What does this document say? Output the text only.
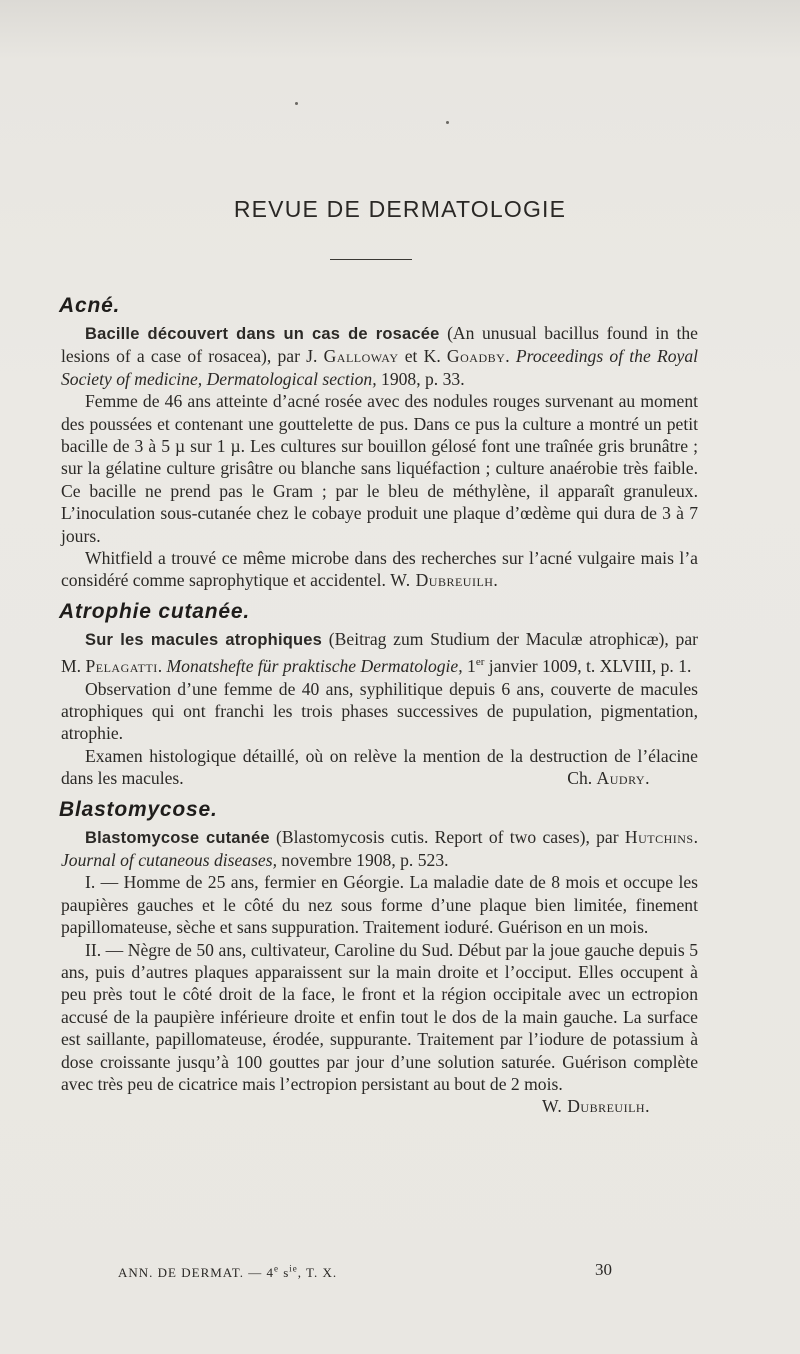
REVUE DE DERMATOLOGIE
Acné.

Bacille découvert dans un cas de rosacée (An unusual bacillus found in the lesions of a case of rosacea), par J. Galloway et K. Goadby. Proceedings of the Royal Society of medicine, Dermatological section, 1908, p. 33.

Femme de 46 ans atteinte d’acné rosée avec des nodules rouges survenant au moment des poussées et contenant une gouttelette de pus. Dans ce pus la culture a montré un petit bacille de 3 à 5 µ sur 1 µ. Les cultures sur bouillon gélosé font une traînée gris brunâtre ; sur la gélatine culture grisâtre ou blanche sans liquéfaction ; culture anaérobie très faible. Ce bacille ne prend pas le Gram ; par le bleu de méthylène, il apparaît granuleux. L’inoculation sous-cutanée chez le cobaye produit une plaque d’œdème qui dura de 3 à 7 jours.

Whitfield a trouvé ce même microbe dans des recherches sur l’acné vulgaire mais l’a considéré comme saprophytique et accidentel. W. Dubreuilh.

Atrophie cutanée.

Sur les macules atrophiques (Beitrag zum Studium der Maculæ atrophicæ), par M. Pelagatti. Monatshefte für praktische Dermatologie, 1er janvier 1009, t. XLVIII, p. 1.

Observation d’une femme de 40 ans, syphilitique depuis 6 ans, couverte de macules atrophiques qui ont franchi les trois phases successives de pupulation, pigmentation, atrophie.

Examen histologique détaillé, où on relève la mention de la destruction de l’élacine dans les macules.	Ch. Audry.

Blastomycose.

Blastomycose cutanée (Blastomycosis cutis. Report of two cases), par Hutchins. Journal of cutaneous diseases, novembre 1908, p. 523.

I. — Homme de 25 ans, fermier en Géorgie. La maladie date de 8 mois et occupe les paupières gauches et le côté du nez sous forme d’une plaque bien limitée, finement papillomateuse, sèche et sans suppuration. Traitement ioduré. Guérison en un mois.

II. — Nègre de 50 ans, cultivateur, Caroline du Sud. Début par la joue gauche depuis 5 ans, puis d’autres plaques apparaissent sur la main droite et l’occiput. Elles occupent à peu près tout le côté droit de la face, le front et la région occipitale avec un ectropion accusé de la paupière inférieure droite et enfin tout le dos de la main gauche. La surface est saillante, papillomateuse, érodée, suppurante. Traitement par l’iodure de potassium à dose croissante jusqu’à 100 gouttes par jour d’une solution saturée. Guérison complète avec très peu de cicatrice mais l’ectropion persistant au bout de 2 mois.
W. Dubreuilh.

ANN. DE DERMAT. — 4e $s^{ie}$, T. X.	30
